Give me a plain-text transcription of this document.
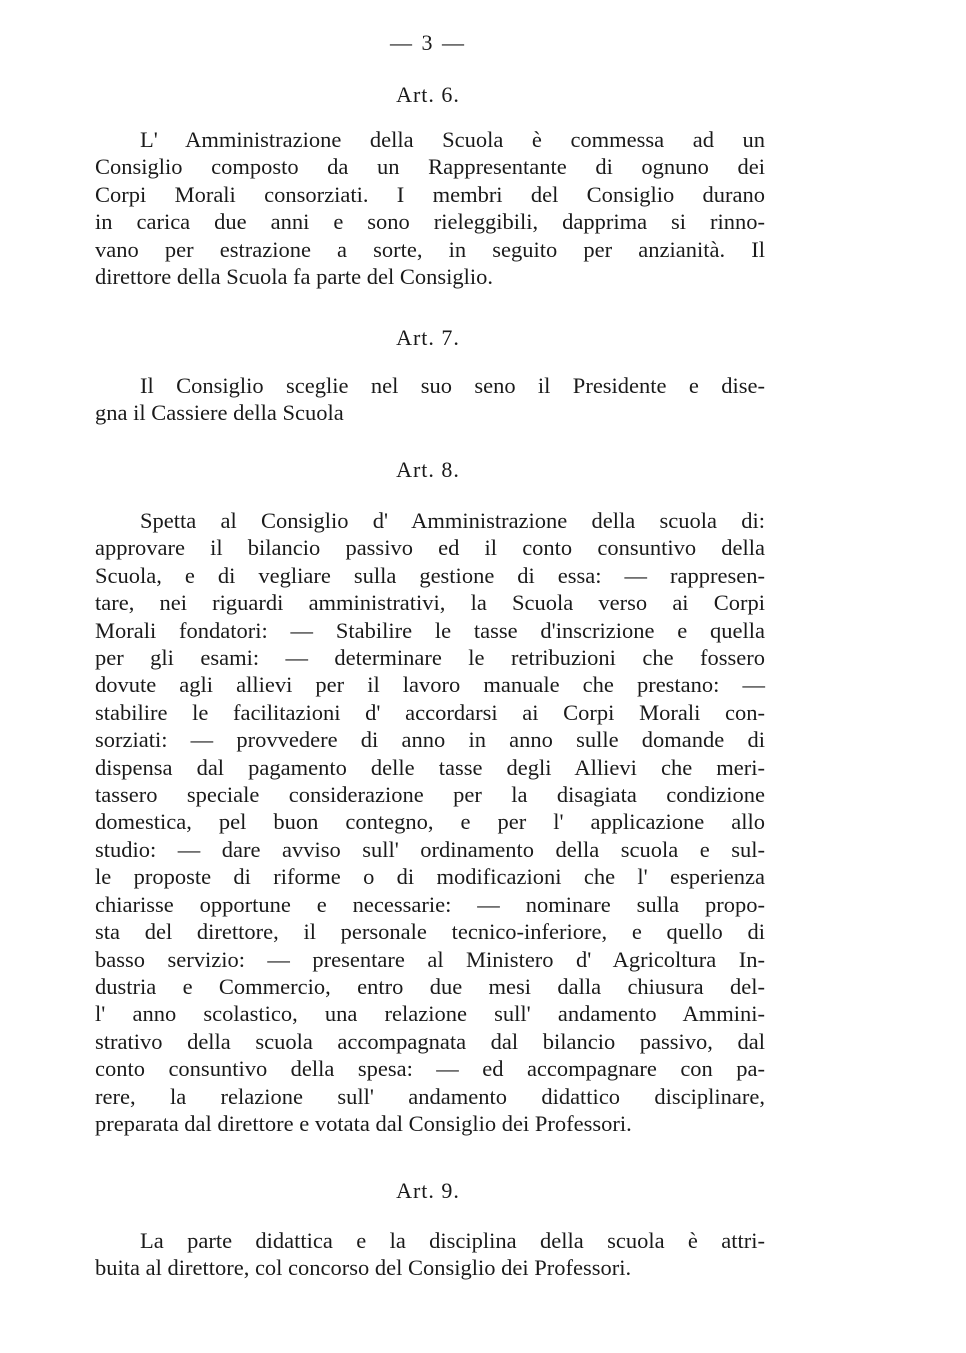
— 3 —
Art. 6.
L' Amministrazione della Scuola è commessa ad un
Consiglio composto da un Rappresentante di ognuno dei
Corpi Morali consorziati. I membri del Consiglio durano
in carica due anni e sono rieleggibili, dapprima si rinno-
vano per estrazione a sorte, in seguito per anzianità. Il
direttore della Scuola fa parte del Consiglio.
Art. 7.
Il Consiglio sceglie nel suo seno il Presidente e dise-
gna il Cassiere della Scuola
Art. 8.
Spetta al Consiglio d' Amministrazione della scuola di:
approvare il bilancio passivo ed il conto consuntivo della
Scuola, e di vegliare sulla gestione di essa: — rappresen-
tare, nei riguardi amministrativi, la Scuola verso ai Corpi
Morali fondatori: — Stabilire le tasse d'inscrizione e quella
per gli esami: — determinare le retribuzioni che fossero
dovute agli allievi per il lavoro manuale che prestano: —
stabilire le facilitazioni d' accordarsi ai Corpi Morali con-
sorziati: — provvedere di anno in anno sulle domande di
dispensa dal pagamento delle tasse degli Allievi che meri-
tassero speciale considerazione per la disagiata condizione
domestica, pel buon contegno, e per l' applicazione allo
studio: — dare avviso sull' ordinamento della scuola e sul-
le proposte di riforme o di modificazioni che l' esperienza
chiarisse opportune e necessarie: — nominare sulla propo-
sta del direttore, il personale tecnico-inferiore, e quello di
basso servizio: — presentare al Ministero d' Agricoltura In-
dustria e Commercio, entro due mesi dalla chiusura del-
l' anno scolastico, una relazione sull' andamento Ammini-
strativo della scuola accompagnata dal bilancio passivo, dal
conto consuntivo della spesa: — ed accompagnare con pa-
rere, la relazione sull' andamento didattico disciplinare,
preparata dal direttore e votata dal Consiglio dei Professori.
Art. 9.
La parte didattica e la disciplina della scuola è attri-
buita al direttore, col concorso del Consiglio dei Professori.
